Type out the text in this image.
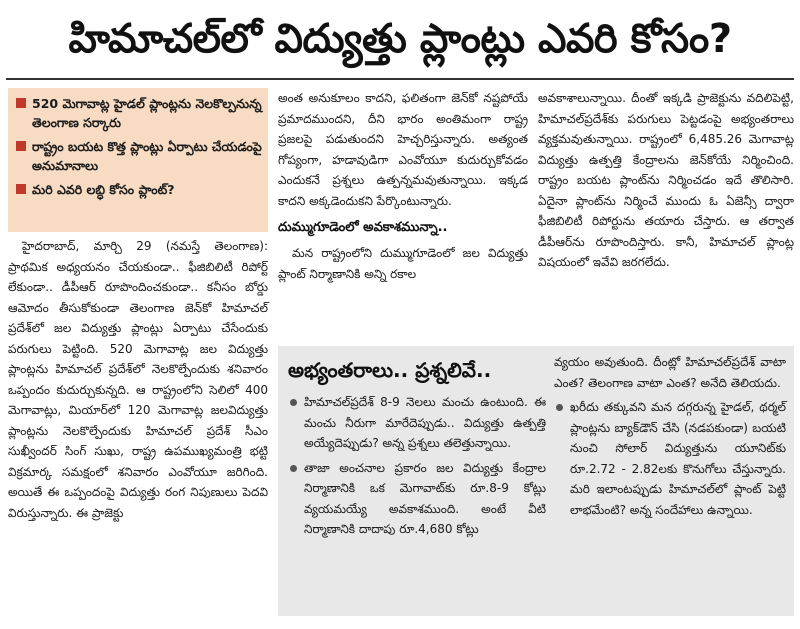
హిమాచల్‌లో విద్యుత్తు ప్లాంట్లు ఎవరి కోసం?
520 మెగావాట్ల హైడల్ ప్లాంట్లను నెలకొల్పనున్న తెలంగాణ సర్కారు
రాష్ట్రం బయట కొత్త ప్లాంట్లు ఏర్పాటు చేయడంపై అనుమానాలు
మరి ఎవరి లబ్ధి కోసం ప్లాంట్?

హైదరాబాద్, మార్చి 29 (నమస్తే తెలంగాణ): ప్రాథమిక అధ్యయనం చేయకుండా.. ఫీజిబిలిటీ రిపోర్ట్ లేకుండా.. డీపీఆర్ రూపొందించకుండా.. కనీసం బోర్డు ఆమోదం తీసుకోకుండా తెలంగాణ జెన్‌కో హిమాచల్ ప్రదేశ్‌లో జల విద్యుత్తు ప్లాంట్లు ఏర్పాటు చేసేందుకు పరుగులు పెట్టింది. 520 మెగావాట్ల జల విద్యుత్తు ప్లాంట్లను హిమాచల్ ప్రదేశ్‌లో నెలకొల్పేందుకు శనివారం ఒప్పందం కుదుర్చుకున్నది. ఆ రాష్ట్రంలోని సెలిలో 400 మెగావాట్లు, మియార్‌లో 120 మెగావాట్ల జలవిద్యుత్తు ప్లాంట్లను నెలకొల్పేందుకు హిమాచల్ ప్రదేశ్ సీఎం సుఖ్వీందర్ సింగ్ సుఖు, రాష్ట్ర ఉపముఖ్యమంత్రి భట్టి విక్రమార్క సమక్షంలో శనివారం ఎంవోయూ జరిగింది. అయితే ఈ ఒప్పందంపై విద్యుత్తు రంగ నిపుణులు పెదవి విరుస్తున్నారు. ఈ ప్రాజెక్టు

అంత అనుకూలం కాదని, ఫలితంగా జెన్‌కో నష్టపోయే ప్రమాదముందని, దీని భారం అంతిమంగా రాష్ట్ర ప్రజలపై పడుతుందని హెచ్చరిస్తున్నారు. అత్యంత గోప్యంగా, హడావుడిగా ఎంవోయూ కుదుర్చుకోవడం ఎందుకనే ప్రశ్నలు ఉత్పన్నమవుతున్నాయి. ఇక్కడ కాదని అక్కడెందుకని పేర్కొంటున్నారు.

దుమ్ముగూడెంలో అవకాశమున్నా..

మన రాష్ట్రంలోని దుమ్ముగూడెంలో జల విద్యుత్తు ప్లాంట్ నిర్మాణానికి అన్ని రకాల

అవకాశాలున్నాయి. దీంతో ఇక్కడి ప్రాజెక్టును వదిలిపెట్టి, హిమాచల్‌ప్రదేశ్‌కు పరుగులు పెట్టడంపై అభ్యంతరాలు వ్యక్తమవుతున్నాయి. రాష్ట్రంలో 6,485.26 మెగావాట్ల విద్యుత్తు ఉత్పత్తి కేంద్రాలను జెన్‌కోయే నిర్మించింది. రాష్ట్రం బయట ప్లాంట్‌ను నిర్మించడం ఇదే తొలిసారి. ఏదైనా ప్లాంట్‌ను నిర్మించే ముందు ఓ ఏజెన్సీ ద్వారా ఫీజిబిలిటీ రిపోర్టును తయారు చేస్తారు. ఆ తర్వాత డీపీఆర్‌ను రూపొందిస్తారు. కానీ, హిమాచల్ ప్లాంట్ల విషయంలో ఇవేవి జరగలేదు.

అభ్యంతరాలు.. ప్రశ్నలివే..
హిమాచల్‌ప్రదేశ్ 8-9 నెలలు మంచు ఉంటుంది. ఈ మంచు నీరుగా మారేదెప్పుడు.. విద్యుత్తు ఉత్పత్తి అయ్యేదెప్పుడు? అన్న ప్రశ్నలు తలెత్తున్నాయి.
తాజా అంచనాల ప్రకారం జల విద్యుత్తు కేంద్రాల నిర్మాణానికి ఒక మెగావాట్‌కు రూ.8-9 కోట్లు వ్యయమయ్యే అవకాశముంది. అంటే వీటి నిర్మాణానికి దాదాపు రూ.4,680 కోట్లు
వ్యయం అవుతుంది. దీంట్లో హిమాచల్‌ప్రదేశ్ వాటా ఎంత? తెలంగాణ వాటా ఎంత? అనేది తెలియదు.
ఖరీదు తక్కువని మన దగ్గరున్న హైడల్, థర్మల్ ప్లాంట్లను బ్యాక్‌డౌన్ చేసి (నడపకుండా) బయటి నుంచి సోలార్ విద్యుత్తును యూనిట్‌కు రూ.2.72 - 2.82లకు కొనుగోలు చేస్తున్నారు. మరి ఇలాంటప్పుడు హిమాచల్‌లో ప్లాంట్ పెట్టి లాభమేంటి? అన్న సందేహాలు ఉన్నాయి.
